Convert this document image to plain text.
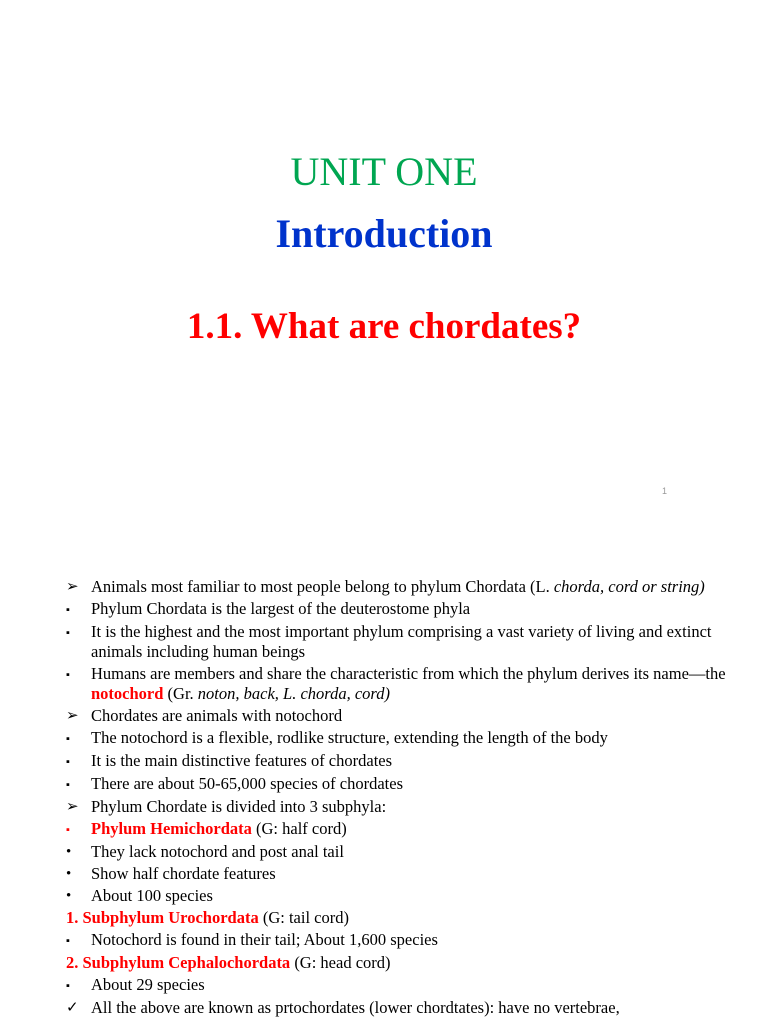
UNIT ONE
Introduction
1.1. What are chordates?
1
➢ Animals most familiar to most people belong to phylum Chordata (L. chorda, cord or string)
▪	Phylum Chordata is the largest of the deuterostome phyla
▪	It is the highest and the most important phylum comprising a vast variety of living and extinct animals including human beings
▪	Humans are members and share the characteristic from which the phylum derives its name—the notochord (Gr. noton, back, L. chorda, cord)
➢ Chordates are animals with notochord
▪	The notochord is a flexible, rodlike structure, extending the length of the body
▪	It is the main distinctive features of chordates
▪	There are about 50-65,000 species of chordates
➢ Phylum Chordate is divided into 3 subphyla:
▪	Phylum Hemichordata (G: half cord)
•	They lack notochord and post anal tail
•	Show half chordate features
•	About 100 species
1. Subphylum Urochordata (G: tail cord)
▪	Notochord is found in their tail; About 1,600 species
2. Subphylum Cephalochordata (G: head cord)
▪	About 29 species
✓ All the above are known as prtochordates (lower chordtates): have no vertebrae,
